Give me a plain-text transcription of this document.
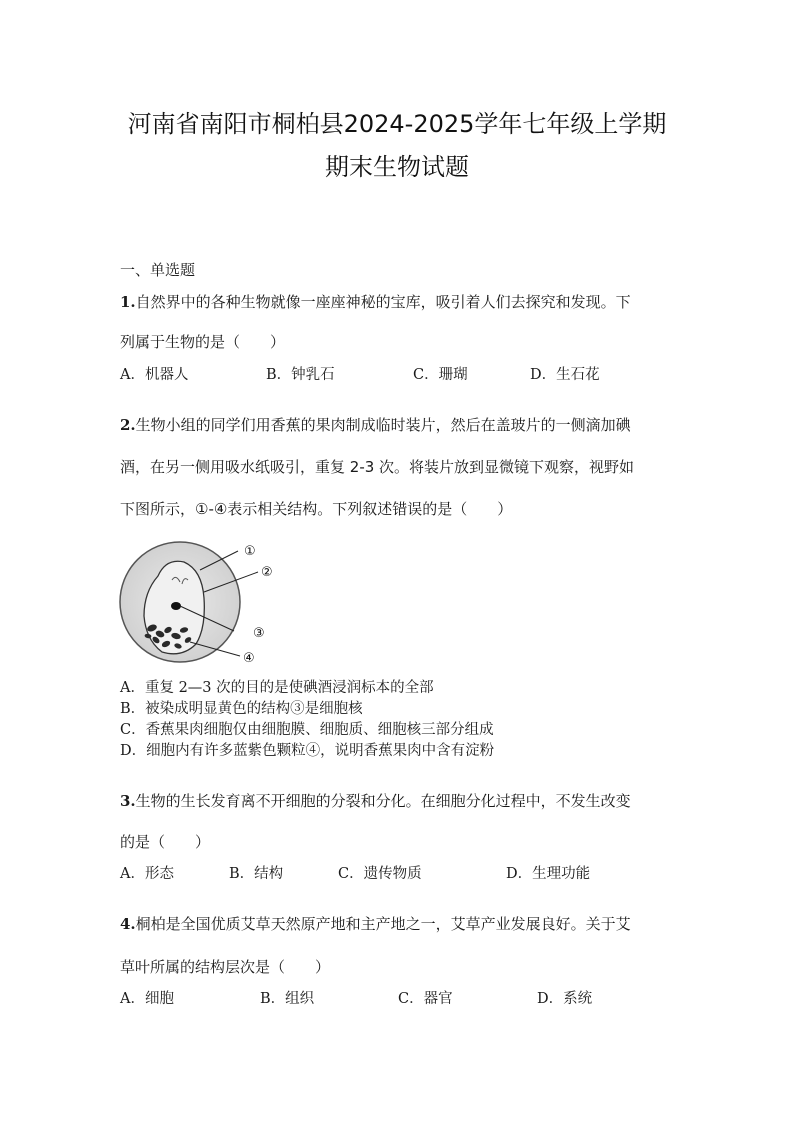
河南省南阳市桐柏县2024-2025学年七年级上学期
期末生物试题
一、单选题
1.自然界中的各种生物就像一座座神秘的宝库，吸引着人们去探究和发现。下
列属于生物的是（　　）
A．机器人	B．钟乳石	C．珊瑚	D．生石花
2.生物小组的同学们用香蕉的果肉制成临时装片，然后在盖玻片的一侧滴加碘
酒，在另一侧用吸水纸吸引，重复 2-3 次。将装片放到显微镜下观察，视野如
下图所示，①-④表示相关结构。下列叙述错误的是（　　）
①
②
③
④
A．重复 2—3 次的目的是使碘酒浸润标本的全部
B．被染成明显黄色的结构③是细胞核
C．香蕉果肉细胞仅由细胞膜、细胞质、细胞核三部分组成
D．细胞内有许多蓝紫色颗粒④，说明香蕉果肉中含有淀粉
3.生物的生长发育离不开细胞的分裂和分化。在细胞分化过程中，不发生改变
的是（　　）
A．形态	B．结构	C．遗传物质	D．生理功能
4.桐柏是全国优质艾草天然原产地和主产地之一，艾草产业发展良好。关于艾
草叶所属的结构层次是（　　）
A．细胞	B．组织	C．器官	D．系统
